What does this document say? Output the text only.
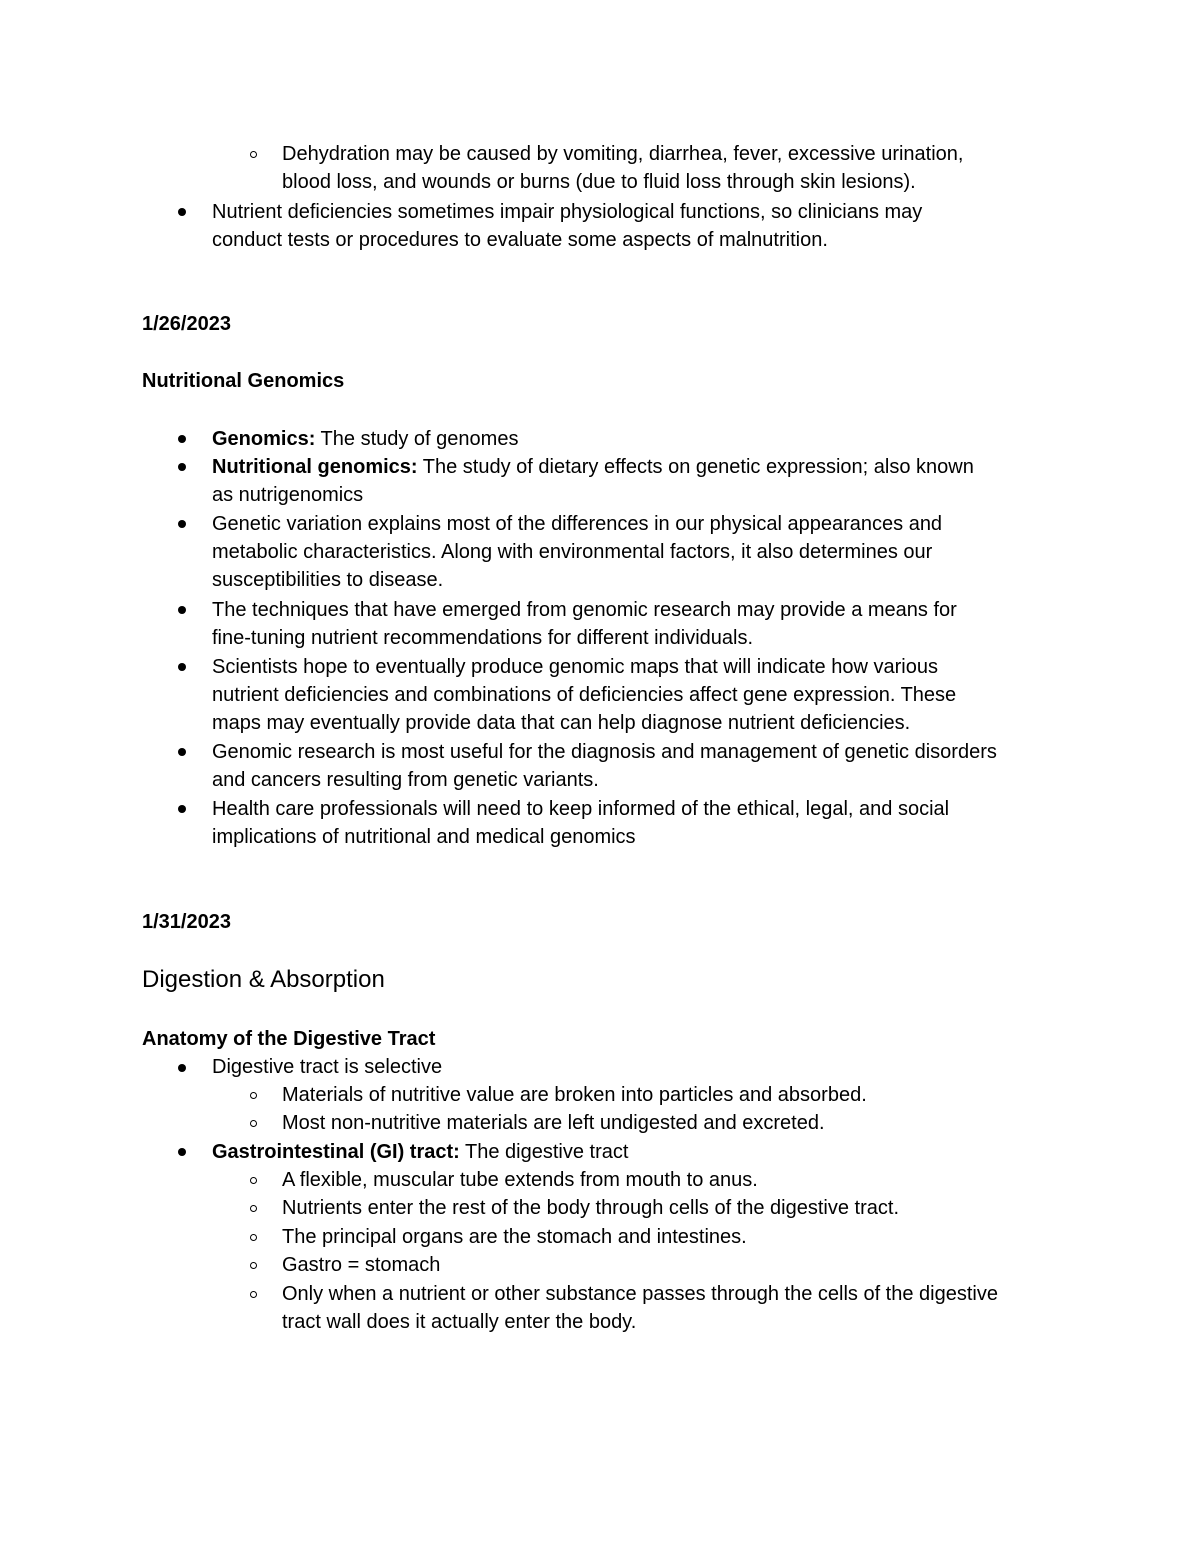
Dehydration may be caused by vomiting, diarrhea, fever, excessive urination,
blood loss, and wounds or burns (due to fluid loss through skin lesions).
Nutrient deficiencies sometimes impair physiological functions, so clinicians may
conduct tests or procedures to evaluate some aspects of malnutrition.
1/26/2023
Nutritional Genomics
Genomics: The study of genomes
Nutritional genomics: The study of dietary effects on genetic expression; also known
as nutrigenomics
Genetic variation explains most of the differences in our physical appearances and
metabolic characteristics. Along with environmental factors, it also determines our
susceptibilities to disease.
The techniques that have emerged from genomic research may provide a means for
fine-tuning nutrient recommendations for different individuals.
Scientists hope to eventually produce genomic maps that will indicate how various
nutrient deficiencies and combinations of deficiencies affect gene expression. These
maps may eventually provide data that can help diagnose nutrient deficiencies.
Genomic research is most useful for the diagnosis and management of genetic disorders
and cancers resulting from genetic variants.
Health care professionals will need to keep informed of the ethical, legal, and social
implications of nutritional and medical genomics
1/31/2023
Digestion & Absorption
Anatomy of the Digestive Tract
Digestive tract is selective
Materials of nutritive value are broken into particles and absorbed.
Most non-nutritive materials are left undigested and excreted.
Gastrointestinal (GI) tract: The digestive tract
A flexible, muscular tube extends from mouth to anus.
Nutrients enter the rest of the body through cells of the digestive tract.
The principal organs are the stomach and intestines.
Gastro = stomach
Only when a nutrient or other substance passes through the cells of the digestive
tract wall does it actually enter the body.
